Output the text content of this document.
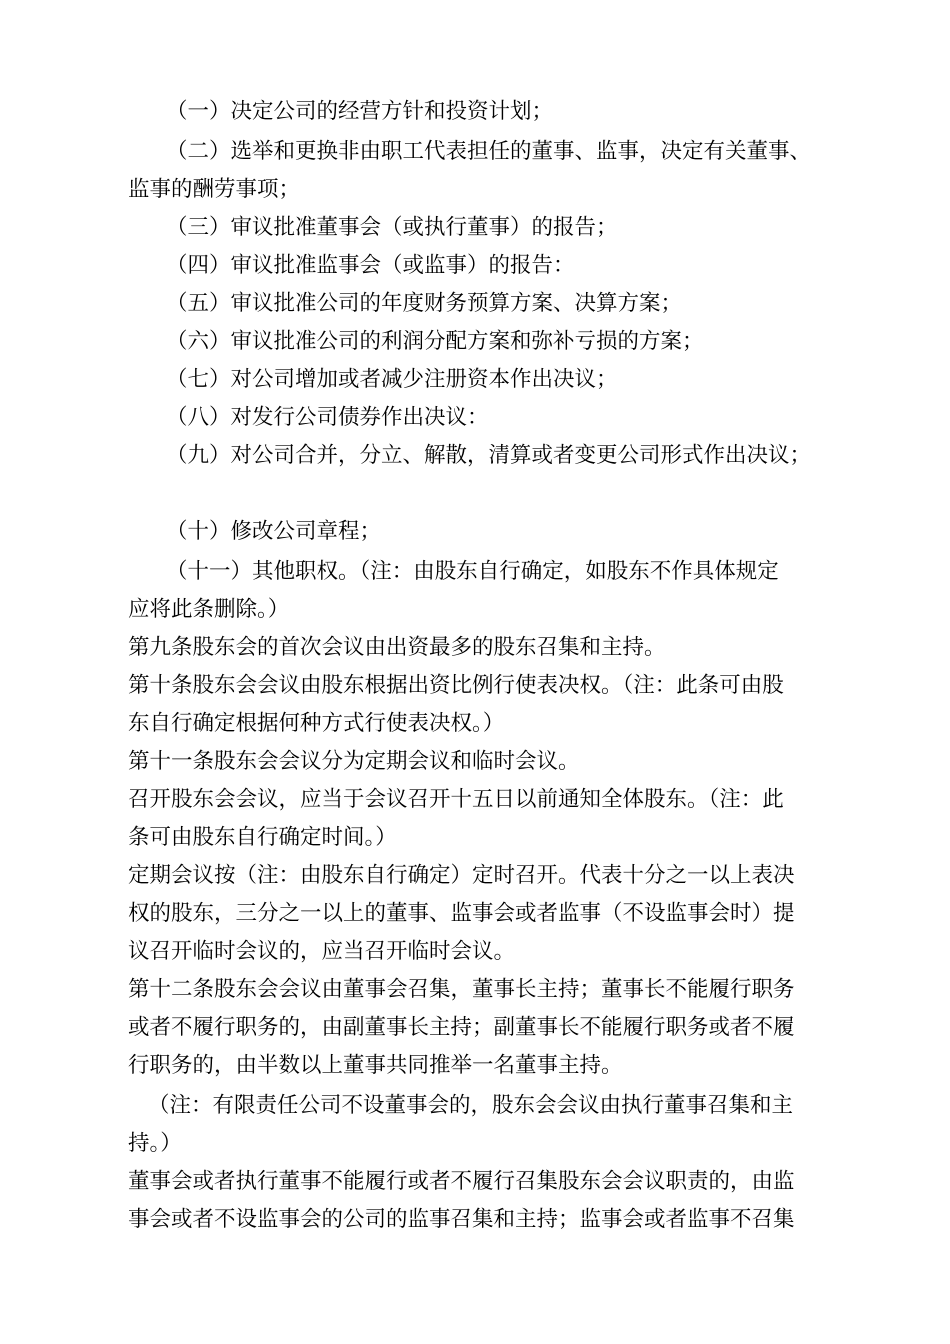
（一）决定公司的经营方针和投资计划；
（二）选举和更换非由职工代表担任的董事、监事，决定有关董事、
监事的酬劳事项；
（三）审议批准董事会（或执行董事）的报告；
（四）审议批准监事会（或监事）的报告：
（五）审议批准公司的年度财务预算方案、决算方案；
（六）审议批准公司的利润分配方案和弥补亏损的方案；
（七）对公司增加或者减少注册资本作出决议；
（八）对发行公司债券作出决议：
（九）对公司合并，分立、解散，清算或者变更公司形式作出决议；
（十）修改公司章程；
（十一）其他职权。（注：由股东自行确定，如股东不作具体规定
应将此条删除。）
第九条股东会的首次会议由出资最多的股东召集和主持。
第十条股东会会议由股东根据出资比例行使表决权。（注：此条可由股
东自行确定根据何种方式行使表决权。）
第十一条股东会会议分为定期会议和临时会议。
召开股东会会议，应当于会议召开十五日以前通知全体股东。（注：此
条可由股东自行确定时间。）
定期会议按（注：由股东自行确定）定时召开。代表十分之一以上表决
权的股东，三分之一以上的董事、监事会或者监事（不设监事会时）提
议召开临时会议的，应当召开临时会议。
第十二条股东会会议由董事会召集，董事长主持；董事长不能履行职务
或者不履行职务的，由副董事长主持；副董事长不能履行职务或者不履
行职务的，由半数以上董事共同推举一名董事主持。
（注：有限责任公司不设董事会的，股东会会议由执行董事召集和主
持。）
董事会或者执行董事不能履行或者不履行召集股东会会议职责的，由监
事会或者不设监事会的公司的监事召集和主持；监事会或者监事不召集
